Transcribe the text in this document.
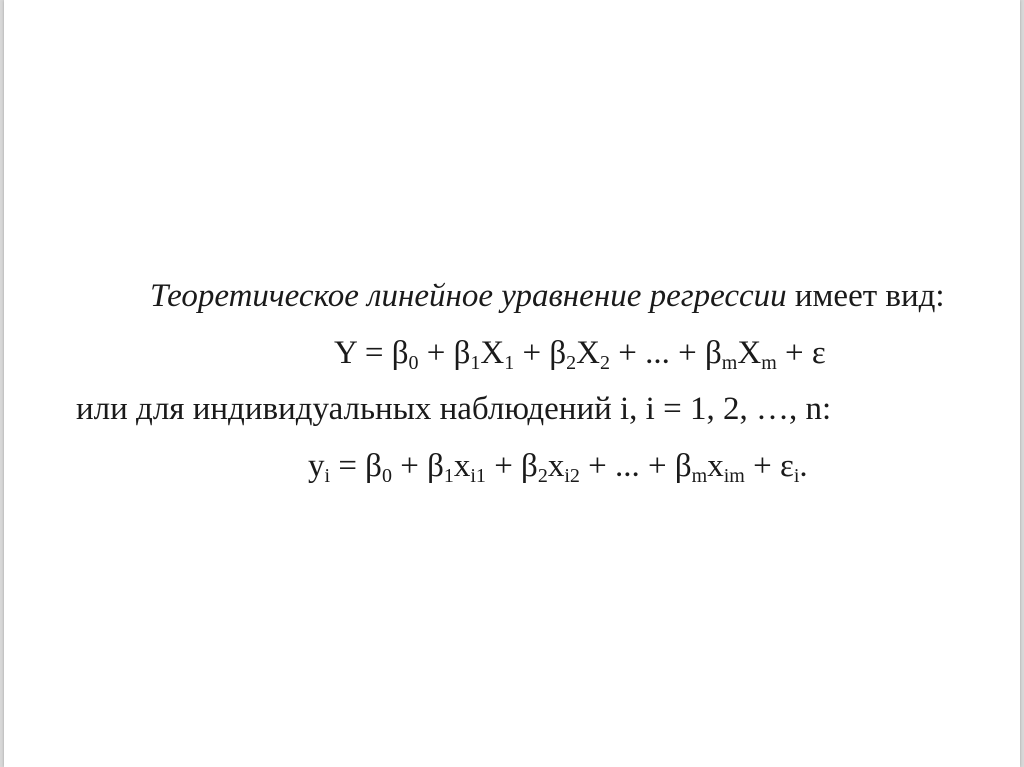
Теоретическое линейное уравнение регрессии имеет вид:
$Y = \beta_0 + \beta_1X_1 + \beta_2X_2$ + ... + $\beta_mX_m + \varepsilon$
или для индивидуальных наблюдений i, i = 1, 2, …, n:
$y_i = \beta_0 + \beta_1x_{i1} + \beta_2x_{i2}$ + ... + $\beta_mx_{im} + \varepsilon_i$.
